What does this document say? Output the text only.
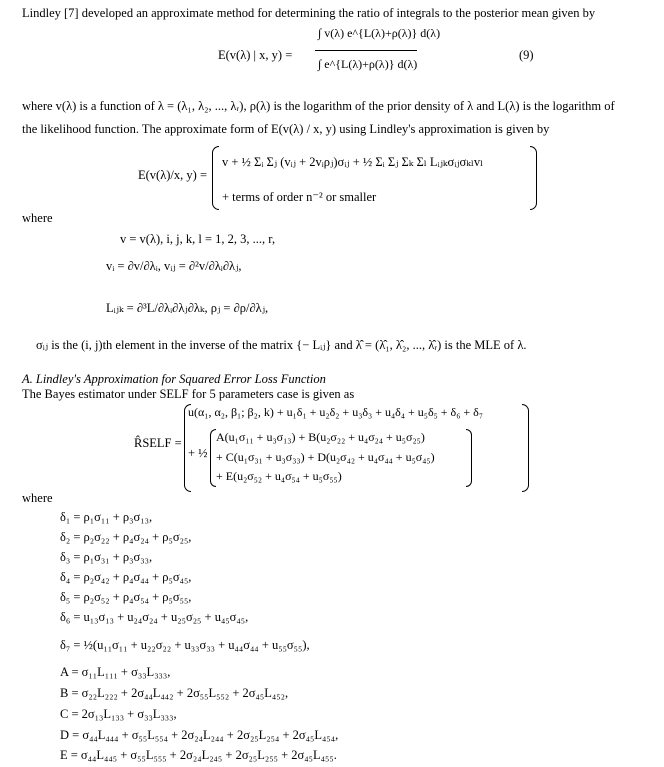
Lindley [7] developed an approximate method for determining the ratio of integrals to the posterior mean given by
E(v(λ) | x, y) =
∫ v(λ) e^{L(λ)+ρ(λ)} d(λ)
∫ e^{L(λ)+ρ(λ)} d(λ)
(9)
where v(λ) is a function of λ = (λ₁, λ₂, ..., λᵣ), ρ(λ) is the logarithm of the prior density of λ and L(λ) is the logarithm of
the likelihood function. The approximate form of E(v(λ) / x, y) using Lindley's approximation is given by
E(v(λ)/x, y) =
v + ½ Σᵢ Σⱼ (vᵢⱼ + 2vᵢρⱼ)σᵢⱼ + ½ Σᵢ Σⱼ Σₖ Σₗ Lᵢⱼₖσᵢⱼσₖₗvₗ
+ terms of order n⁻² or smaller
where
v = v(λ), i, j, k, l = 1, 2, 3, ..., r,
vᵢ = ∂v/∂λᵢ, vᵢⱼ = ∂²v/∂λᵢ∂λⱼ,
Lᵢⱼₖ = ∂³L/∂λᵢ∂λⱼ∂λₖ, ρⱼ = ∂ρ/∂λⱼ,
σᵢⱼ is the (i, j)th element in the inverse of the matrix {− Lᵢⱼ} and λ̂ = (λ̂₁, λ̂₂, ..., λ̂ᵣ) is the MLE of λ.
A. Lindley's Approximation for Squared Error Loss Function
The Bayes estimator under SELF for 5 parameters case is given as
R̂SELF =
u(α₁, α₂, β₁; β₂, k) + u₁δ₁ + u₂δ₂ + u₃δ₃ + u₄δ₄ + u₅δ₅ + δ₆ + δ₇
+ ½
A(u₁σ₁₁ + u₃σ₁₃) + B(u₂σ₂₂ + u₄σ₂₄ + u₅σ₂₅)
+ C(u₁σ₃₁ + u₃σ₃₃) + D(u₂σ₄₂ + u₄σ₄₄ + u₅σ₄₅)
+ E(u₂σ₅₂ + u₄σ₅₄ + u₅σ₅₅)
where
δ₁ = ρ₁σ₁₁ + ρ₃σ₁₃,
δ₂ = ρ₂σ₂₂ + ρ₄σ₂₄ + ρ₅σ₂₅,
δ₃ = ρ₁σ₃₁ + ρ₃σ₃₃,
δ₄ = ρ₂σ₄₂ + ρ₄σ₄₄ + ρ₅σ₄₅,
δ₅ = ρ₂σ₅₂ + ρ₄σ₅₄ + ρ₅σ₅₅,
δ₆ = u₁₃σ₁₃ + u₂₄σ₂₄ + u₂₅σ₂₅ + u₄₅σ₄₅,
δ₇ = ½(u₁₁σ₁₁ + u₂₂σ₂₂ + u₃₃σ₃₃ + u₄₄σ₄₄ + u₅₅σ₅₅),
A = σ₁₁L₁₁₁ + σ₃₃L₃₃₃,
B = σ₂₂L₂₂₂ + 2σ₄₄L₄₄₂ + 2σ₅₅L₅₅₂ + 2σ₄₅L₄₅₂,
C = 2σ₁₃L₁₃₃ + σ₃₃L₃₃₃,
D = σ₄₄L₄₄₄ + σ₅₅L₅₅₄ + 2σ₂₄L₂₄₄ + 2σ₂₅L₂₅₄ + 2σ₄₅L₄₅₄,
E = σ₄₄L₄₄₅ + σ₅₅L₅₅₅ + 2σ₂₄L₂₄₅ + 2σ₂₅L₂₅₅ + 2σ₄₅L₄₅₅.
